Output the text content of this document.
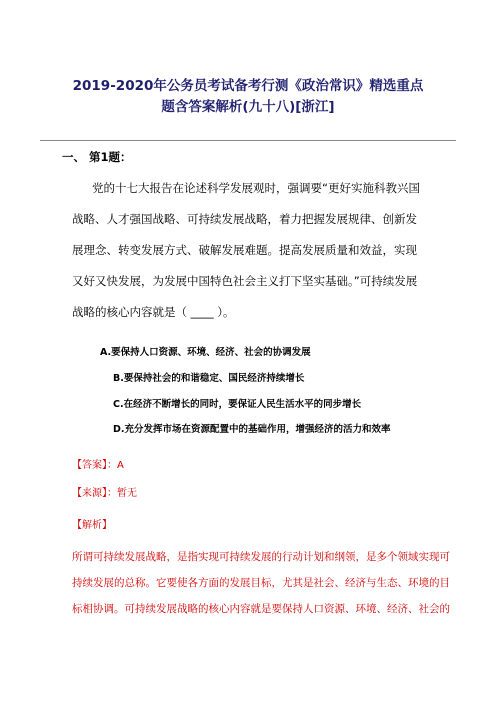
2019-2020年公务员考试备考行测《政治常识》精选重点
题含答案解析(九十八)[浙江]
一、 第1题：
党的十七大报告在论述科学发展观时，强调要“更好实施科教兴国
战略、人才强国战略、可持续发展战略，着力把握发展规律、创新发
展理念、转变发展方式、破解发展难题。提高发展质量和效益，实现
又好又快发展，为发展中国特色社会主义打下坚实基础。”可持续发展
战略的核心内容就是（ ____ ）。
A.要保持人口资源、环境、经济、社会的协调发展
B.要保持社会的和谐稳定、国民经济持续增长
C.在经济不断增长的同时，要保证人民生活水平的同步增长
D.充分发挥市场在资源配置中的基础作用，增强经济的活力和效率
【答案】：A
【来源】：暂无
【解析】
所谓可持续发展战略，是指实现可持续发展的行动计划和纲领，是多个领域实现可
持续发展的总称。它要使各方面的发展目标，尤其是社会、经济与生态、环境的目
标相协调。可持续发展战略的核心内容就是要保持人口资源、环境、经济、社会的
